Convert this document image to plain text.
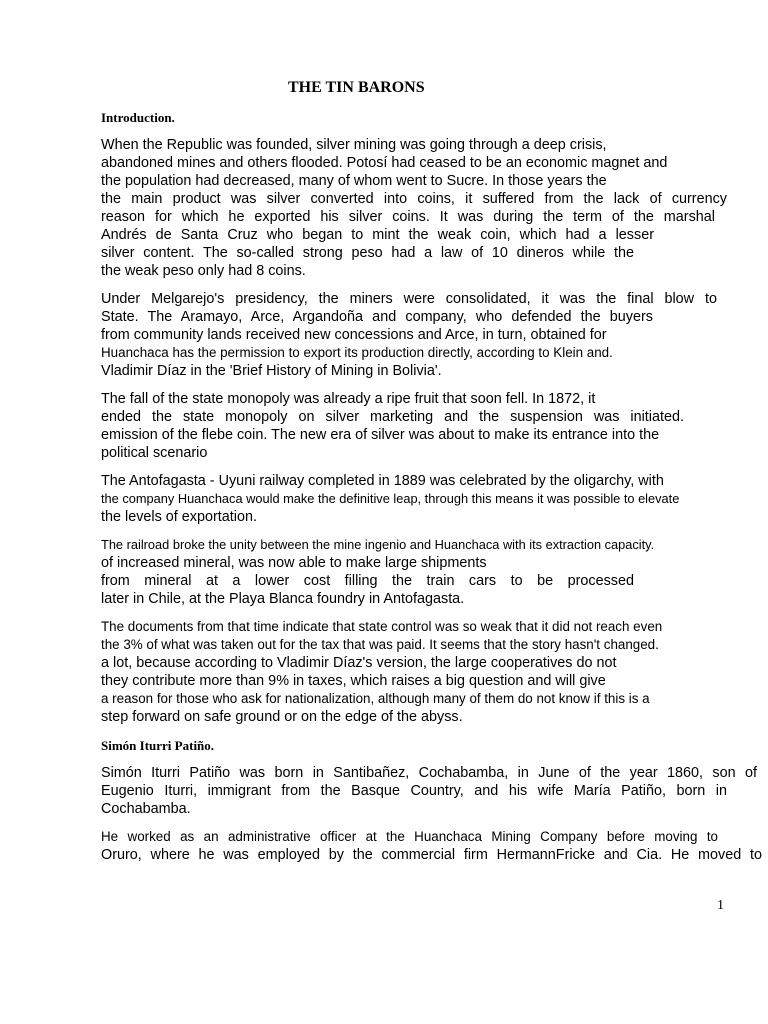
THE TIN BARONS
Introduction.
When the Republic was founded, silver mining was going through a deep crisis,
abandoned mines and others flooded. Potosí had ceased to be an economic magnet and
the population had decreased, many of whom went to Sucre. In those years the
the main product was silver converted into coins, it suffered from the lack of currency
reason for which he exported his silver coins. It was during the term of the marshal
Andrés de Santa Cruz who began to mint the weak coin, which had a lesser
silver content. The so-called strong peso had a law of 10 dineros while the
the weak peso only had 8 coins.
Under Melgarejo's presidency, the miners were consolidated, it was the final blow to
State. The Aramayo, Arce, Argandoña and company, who defended the buyers
from community lands received new concessions and Arce, in turn, obtained for
Huanchaca has the permission to export its production directly, according to Klein and.
Vladimir Díaz in the 'Brief History of Mining in Bolivia'.
The fall of the state monopoly was already a ripe fruit that soon fell. In 1872, it
ended the state monopoly on silver marketing and the suspension was initiated.
emission of the flebe coin. The new era of silver was about to make its entrance into the
political scenario
The Antofagasta - Uyuni railway completed in 1889 was celebrated by the oligarchy, with
the company Huanchaca would make the definitive leap, through this means it was possible to elevate
the levels of exportation.
The railroad broke the unity between the mine ingenio and Huanchaca with its extraction capacity.
of increased mineral, was now able to make large shipments
from mineral at a lower cost filling the train cars to be processed
later in Chile, at the Playa Blanca foundry in Antofagasta.
The documents from that time indicate that state control was so weak that it did not reach even
the 3% of what was taken out for the tax that was paid. It seems that the story hasn't changed.
a lot, because according to Vladimir Díaz's version, the large cooperatives do not
they contribute more than 9% in taxes, which raises a big question and will give
a reason for those who ask for nationalization, although many of them do not know if this is a
step forward on safe ground or on the edge of the abyss.
Simón Iturri Patiño.
Simón Iturri Patiño was born in Santibañez, Cochabamba, in June of the year 1860, son of
Eugenio Iturri, immigrant from the Basque Country, and his wife María Patiño, born in
Cochabamba.
He worked as an administrative officer at the Huanchaca Mining Company before moving to
Oruro, where he was employed by the commercial firm HermannFricke and Cia. He moved to
1
